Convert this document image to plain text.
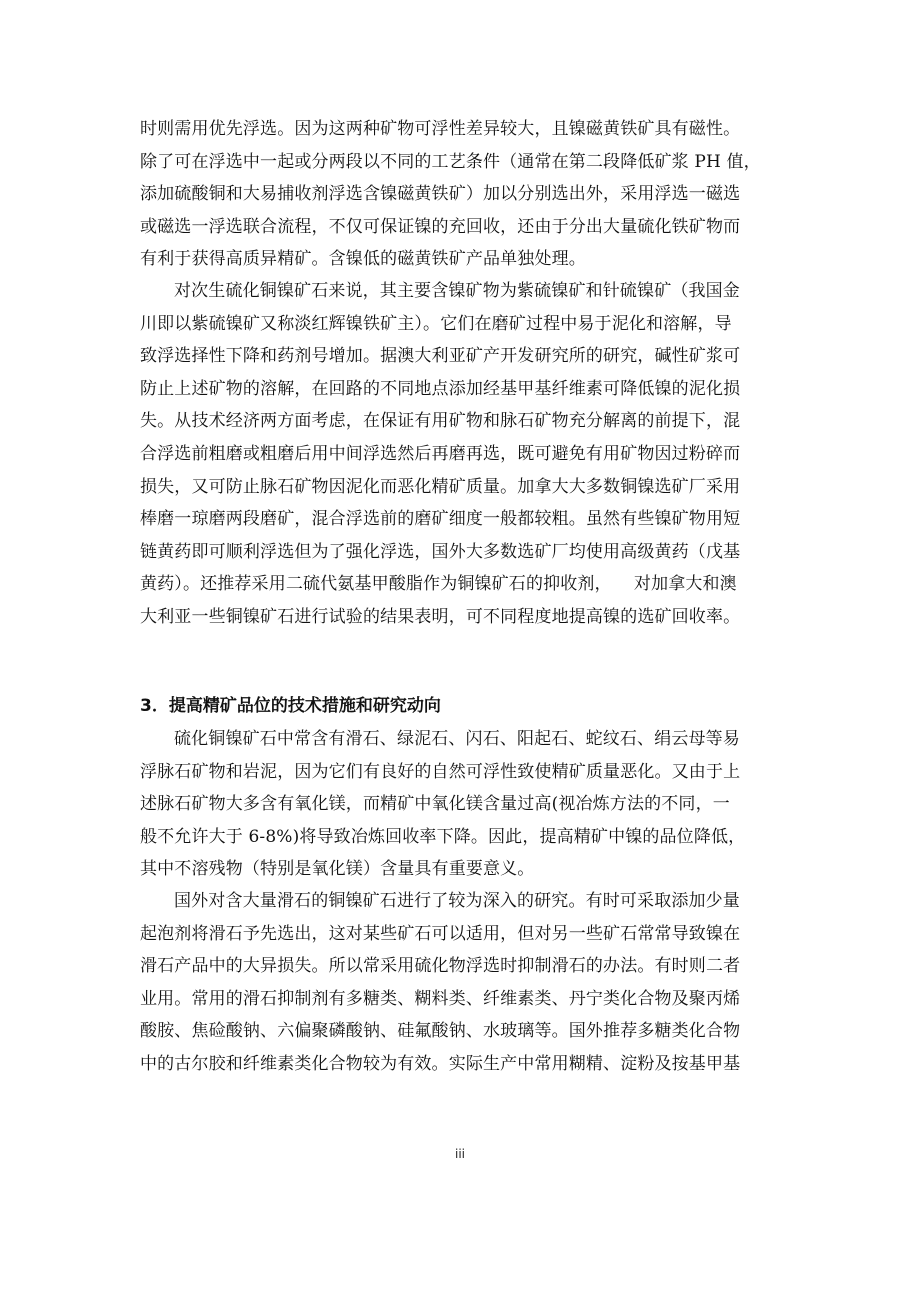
时则需用优先浮选。因为这两种矿物可浮性差异较大，且镍磁黄铁矿具有磁性。
除了可在浮选中一起或分两段以不同的工艺条件（通常在第二段降低矿浆 PH 值，
添加硫酸铜和大易捕收剂浮选含镍磁黄铁矿）加以分别选出外，采用浮选一磁选
或磁选一浮选联合流程，不仅可保证镍的充回收，还由于分出大量硫化铁矿物而
有利于获得高质异精矿。含镍低的磁黄铁矿产品单独处理。
对次生硫化铜镍矿石来说，其主要含镍矿物为紫硫镍矿和针硫镍矿（我国金
川即以紫硫镍矿又称淡红辉镍铁矿主）。它们在磨矿过程中易于泥化和溶解，导
致浮选择性下降和药剂号增加。据澳大利亚矿产开发研究所的研究，碱性矿浆可
防止上述矿物的溶解，在回路的不同地点添加经基甲基纤维素可降低镍的泥化损
失。从技术经济两方面考虑，在保证有用矿物和脉石矿物充分解离的前提下，混
合浮选前粗磨或粗磨后用中间浮选然后再磨再选，既可避免有用矿物因过粉碎而
损失，又可防止脉石矿物因泥化而恶化精矿质量。加拿大大多数铜镍选矿厂采用
棒磨一琼磨两段磨矿，混合浮选前的磨矿细度一般都较粗。虽然有些镍矿物用短
链黄药即可顺利浮选但为了强化浮选，国外大多数选矿厂均使用高级黄药（戊基
黄药）。还推荐采用二硫代氨基甲酸脂作为铜镍矿石的抑收剂，    对加拿大和澳
大利亚一些铜镍矿石进行试验的结果表明，可不同程度地提高镍的选矿回收率。
3．提高精矿品位的技术措施和研究动向
硫化铜镍矿石中常含有滑石、绿泥石、闪石、阳起石、蛇纹石、绢云母等易
浮脉石矿物和岩泥，因为它们有良好的自然可浮性致使精矿质量恶化。又由于上
述脉石矿物大多含有氧化镁，而精矿中氧化镁含量过高(视冶炼方法的不同，一
般不允许大于 6-8%)将导致冶炼回收率下降。因此，提高精矿中镍的品位降低，
其中不溶残物（特别是氧化镁）含量具有重要意义。
国外对含大量滑石的铜镍矿石进行了较为深入的研究。有时可采取添加少量
起泡剂将滑石予先选出，这对某些矿石可以适用，但对另一些矿石常常导致镍在
滑石产品中的大异损失。所以常采用硫化物浮选时抑制滑石的办法。有时则二者
业用。常用的滑石抑制剂有多糖类、糊料类、纤维素类、丹宁类化合物及聚丙烯
酸胺、焦硷酸钠、六偏聚磷酸钠、硅氟酸钠、水玻璃等。国外推荐多糖类化合物
中的古尔胶和纤维素类化合物较为有效。实际生产中常用糊精、淀粉及按基甲基
iii
